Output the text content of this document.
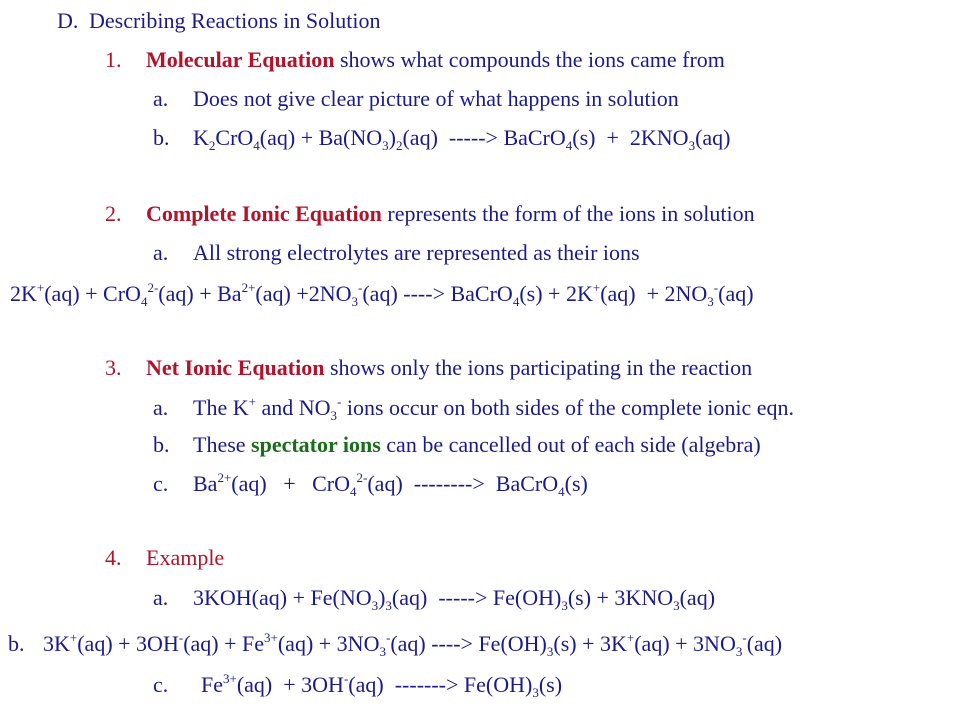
D. Describing Reactions in Solution
1. Molecular Equation shows what compounds the ions came from
a. Does not give clear picture of what happens in solution
b. $K_2CrO_4(aq) + Ba(NO_3)_2(aq)$  -----> BaCrO$_4$(s)  +  $2KNO_3(aq)$
2. Complete Ionic Equation represents the form of the ions in solution
a. All strong electrolytes are represented as their ions
$2K^+(aq) + CrO_4^{2-}(aq) + Ba^{2+}(aq) +2NO_3^-(aq)$ ----> BaCrO$_4$(s) + $2K^+(aq) + 2NO_3^-(aq)$
3. Net Ionic Equation shows only the ions participating in the reaction
a. The K+ and $NO_3^-$ ions occur on both sides of the complete ionic eqn.
b. These spectator ions can be cancelled out of each side (algebra)
c. $Ba^{2+}(aq) + CrO_4^{2-}(aq)$  -------->  BaCrO$_4$(s)
4. Example
a. $3KOH(aq) + Fe(NO_3)_3(aq)$  -----> $Fe(OH)_3(s) + 3KNO_3(aq)$
b. $3K^+(aq) + 3OH^-(aq) + Fe^{3+}(aq) + 3NO_3^-(aq)$ ----> $Fe(OH)_3(s) + 3K^+(aq) + 3NO_3^-(aq)$
c. $Fe^{3+}(aq) + 3OH^-(aq)$  -------> $Fe(OH)_3(s)$
